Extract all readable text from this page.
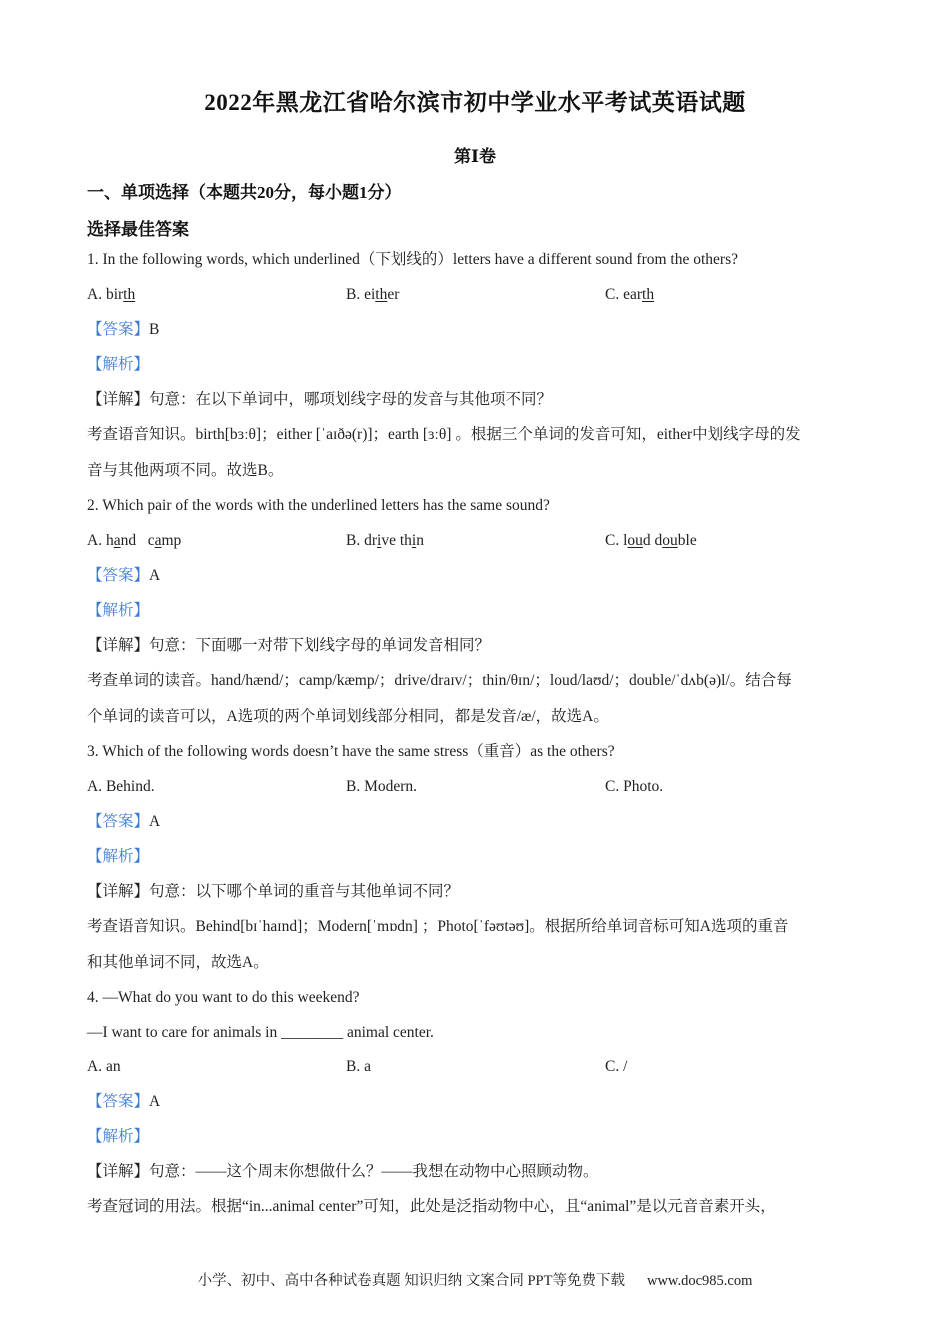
2022年黑龙江省哈尔滨市初中学业水平考试英语试题
第Ⅰ卷
一、单项选择（本题共20分，每小题1分）
选择最佳答案
1. In the following words, which underlined（下划线的）letters have a different sound from the others?
A. birth	B. either	C. earth
【答案】B
【解析】
【详解】句意：在以下单词中，哪项划线字母的发音与其他项不同？
考查语音知识。birth[bɜːθ]；either [ˈaɪðə(r)]；earth [ɜːθ] 。根据三个单词的发音可知，either中划线字母的发
音与其他两项不同。故选B。
2. Which pair of the words with the underlined letters has the same sound?
A. hand   camp	B. drive thin	C. loud double
【答案】A
【解析】
【详解】句意：下面哪一对带下划线字母的单词发音相同？
考查单词的读音。hand/hænd/；camp/kæmp/；drive/draɪv/；thin/θɪn/；loud/laʊd/；double/ˈdʌb(ə)l/。结合每
个单词的读音可以，A选项的两个单词划线部分相同，都是发音/æ/，故选A。
3. Which of the following words doesn’t have the same stress（重音）as the others?
A. Behind.	B. Modern.	C. Photo.
【答案】A
【解析】
【详解】句意：以下哪个单词的重音与其他单词不同？
考查语音知识。Behind[bɪˈhaɪnd]；Modern[ˈmɒdn] ；Photo[ˈfəʊtəʊ]。根据所给单词音标可知A选项的重音
和其他单词不同，故选A。
4. —What do you want to do this weekend?
—I want to care for animals in ________ animal center.
A. an	B. a	C. /
【答案】A
【解析】
【详解】句意：——这个周末你想做什么？——我想在动物中心照顾动物。
考查冠词的用法。根据“in...animal center”可知，此处是泛指动物中心，且“animal”是以元音音素开头，
小学、初中、高中各种试卷真题 知识归纳 文案合同 PPT等免费下载 www.doc985.com
